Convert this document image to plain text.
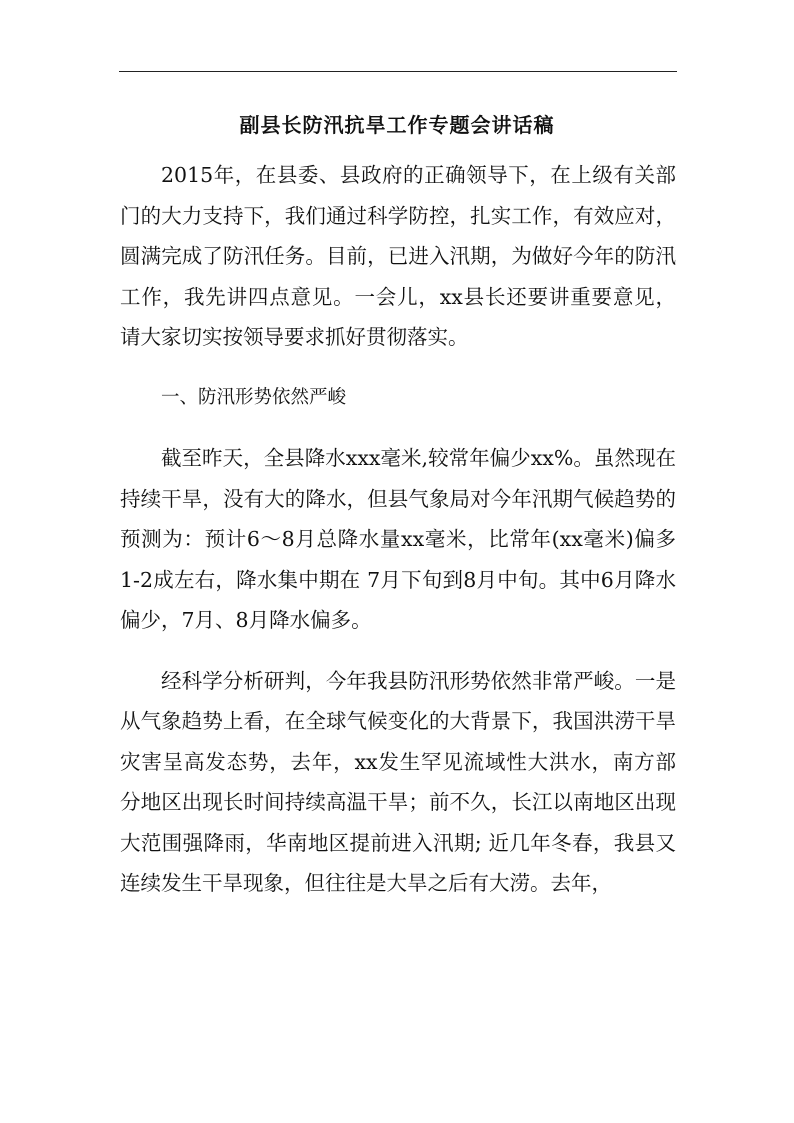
副县长防汛抗旱工作专题会讲话稿

2015年，在县委、县政府的正确领导下，在上级有关部门的大力支持下，我们通过科学防控，扎实工作，有效应对，圆满完成了防汛任务。目前，已进入汛期，为做好今年的防汛工作，我先讲四点意见。一会儿，xx县长还要讲重要意见，请大家切实按领导要求抓好贯彻落实。

一、防汛形势依然严峻

截至昨天，全县降水xxx毫米,较常年偏少xx%。虽然现在持续干旱，没有大的降水，但县气象局对今年汛期气候趋势的预测为：预计6～8月总降水量xx毫米，比常年(xx毫米)偏多1-2成左右，降水集中期在 7月下旬到8月中旬。其中6月降水偏少，7月、8月降水偏多。

经科学分析研判，今年我县防汛形势依然非常严峻。一是从气象趋势上看，在全球气候变化的大背景下，我国洪涝干旱灾害呈高发态势，去年，xx发生罕见流域性大洪水，南方部分地区出现长时间持续高温干旱；前不久，长江以南地区出现大范围强降雨，华南地区提前进入汛期; 近几年冬春，我县又连续发生干旱现象，但往往是大旱之后有大涝。去年，
